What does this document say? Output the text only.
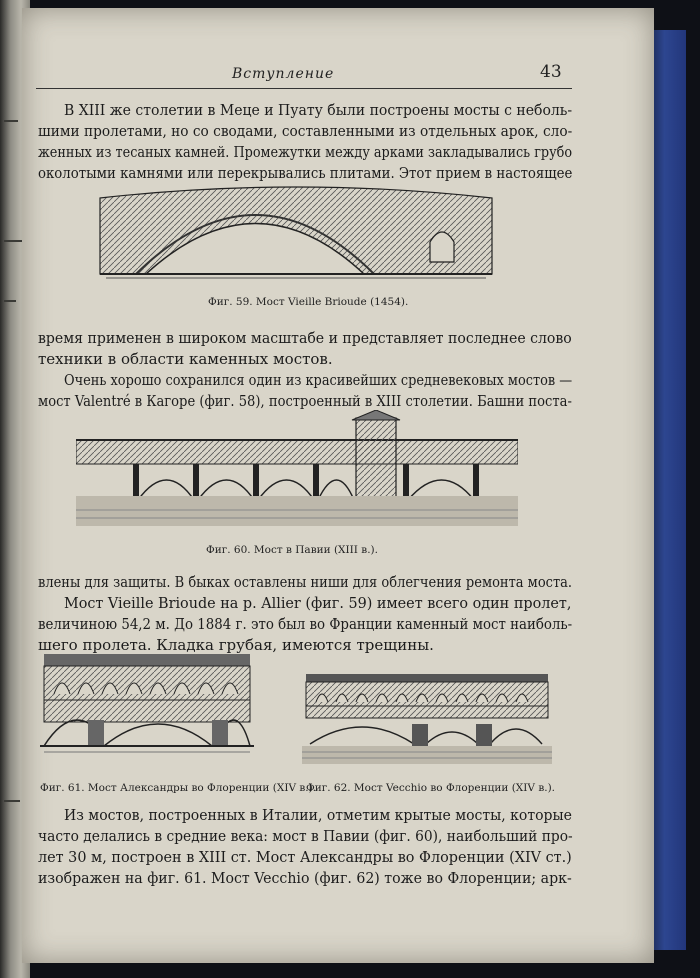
Вступление	43
В XIII же столетии в Меце и Пуату были построены мосты с неболь-
шими пролетами, но со сводами, составленными из отдельных арок, сло-
женных из тесаных камней. Промежутки между арками закладывались грубо
околотыми камнями или перекрывались плитами. Этот прием в настоящее
Фиг. 59. Мост Vieille Brioude (1454).
время применен в широком масштабе и представляет последнее слово
техники в области каменных мостов.
Очень хорошо сохранился один из красивейших средневековых мостов —
мост Valentré в Кагоре (фиг. 58), построенный в XIII столетии. Башни поста-
Фиг. 60. Мост в Павии (XIII в.).
влены для защиты. В быках оставлены ниши для облегчения ремонта моста.
Мост Vieille Brioude на р. Allier (фиг. 59) имеет всего один пролет,
величиною 54,2 м. До 1884 г. это был во Франции каменный мост наиболь-
шего пролета. Кладка грубая, имеются трещины.
Фиг. 61. Мост Александры во Флоренции (XIV в.).
Фиг. 62. Мост Vecchio во Флоренции (XIV в.).
Из мостов, построенных в Италии, отметим крытые мосты, которые
часто делались в средние века: мост в Павии (фиг. 60), наибольший про-
лет 30 м, построен в XIII ст. Мост Александры во Флоренции (XIV ст.)
изображен на фиг. 61. Мост Vecchio (фиг. 62) тоже во Флоренции; арк-
